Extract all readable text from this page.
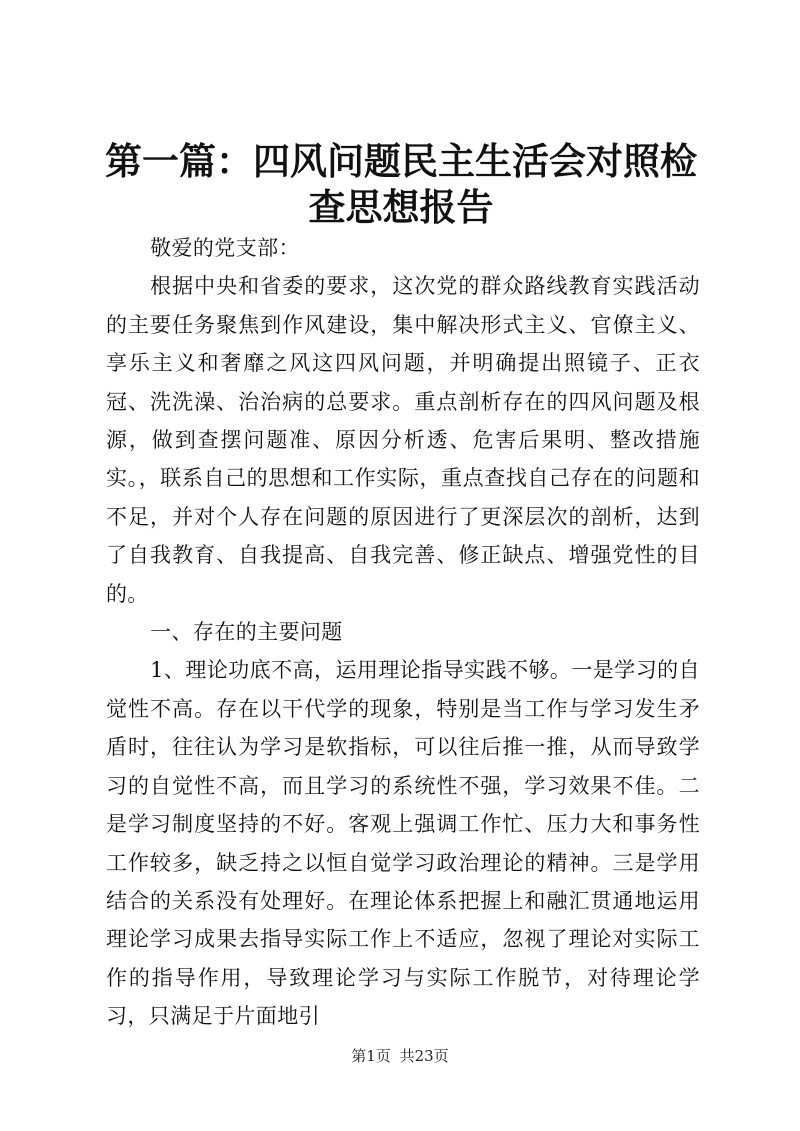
第一篇：四风问题民主生活会对照检查思想报告

敬爱的党支部：

根据中央和省委的要求，这次党的群众路线教育实践活动的主要任务聚焦到作风建设，集中解决形式主义、官僚主义、享乐主义和奢靡之风这四风问题，并明确提出照镜子、正衣冠、洗洗澡、治治病的总要求。重点剖析存在的四风问题及根源，做到查摆问题准、原因分析透、危害后果明、整改措施实。，联系自己的思想和工作实际，重点查找自己存在的问题和不足，并对个人存在问题的原因进行了更深层次的剖析，达到了自我教育、自我提高、自我完善、修正缺点、增强党性的目的。

一、存在的主要问题

1、理论功底不高，运用理论指导实践不够。一是学习的自觉性不高。存在以干代学的现象，特别是当工作与学习发生矛盾时，往往认为学习是软指标，可以往后推一推，从而导致学习的自觉性不高，而且学习的系统性不强，学习效果不佳。二是学习制度坚持的不好。客观上强调工作忙、压力大和事务性工作较多，缺乏持之以恒自觉学习政治理论的精神。三是学用结合的关系没有处理好。在理论体系把握上和融汇贯通地运用理论学习成果去指导实际工作上不适应，忽视了理论对实际工作的指导作用，导致理论学习与实际工作脱节，对待理论学习，只满足于片面地引

第1页 共23页
